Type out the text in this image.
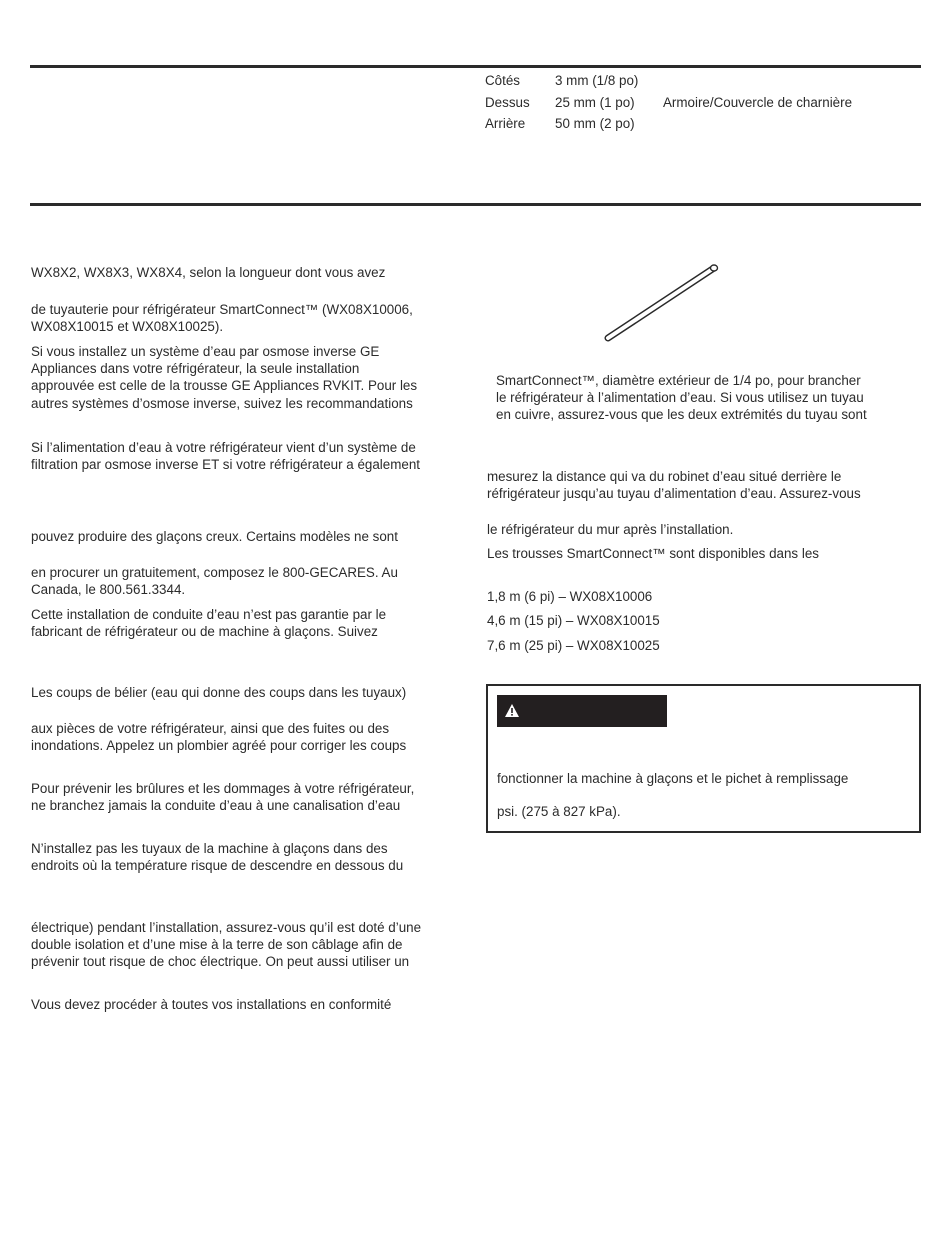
Côtés	3 mm (1/8 po)	
Dessus	25 mm (1 po)	Armoire/Couvercle de charnière
Arrière	50 mm (2 po)	
WX8X2, WX8X3, WX8X4, selon la longueur dont vous avez
de tuyauterie pour réfrigérateur SmartConnect™ (WX08X10006,
WX08X10015 et WX08X10025).
Si vous installez un système d’eau par osmose inverse GE
Appliances dans votre réfrigérateur, la seule installation
approuvée est celle de la trousse GE Appliances RVKIT. Pour les
autres systèmes d’osmose inverse, suivez les recommandations
Si l’alimentation d’eau à votre réfrigérateur vient d’un système de
filtration par osmose inverse ET si votre réfrigérateur a également
pouvez produire des glaçons creux. Certains modèles ne sont
en procurer un gratuitement, composez le 800-GECARES. Au
Canada, le 800.561.3344.
Cette installation de conduite d’eau n’est pas garantie par le
fabricant de réfrigérateur ou de machine à glaçons. Suivez
Les coups de bélier (eau qui donne des coups dans les tuyaux)
aux pièces de votre réfrigérateur, ainsi que des fuites ou des
inondations. Appelez un plombier agréé pour corriger les coups
Pour prévenir les brûlures et les dommages à votre réfrigérateur,
ne branchez jamais la conduite d’eau à une canalisation d’eau
N’installez pas les tuyaux de la machine à glaçons dans des
endroits où la température risque de descendre en dessous du
électrique) pendant l’installation, assurez-vous qu’il est doté d’une
double isolation et d’une mise à la terre de son câblage afin de
prévenir tout risque de choc électrique. On peut aussi utiliser un
Vous devez procéder à toutes vos installations en conformité
SmartConnect™, diamètre extérieur de 1/4 po, pour brancher
le réfrigérateur à l’alimentation d’eau. Si vous utilisez un tuyau
en cuivre, assurez-vous que les deux extrémités du tuyau sont
mesurez la distance qui va du robinet d’eau situé derrière le
réfrigérateur jusqu’au tuyau d’alimentation d’eau. Assurez-vous
le réfrigérateur du mur après l’installation.
Les trousses SmartConnect™ sont disponibles dans les
1,8 m (6 pi) – WX08X10006
4,6 m (15 pi) – WX08X10015
7,6 m (25 pi) – WX08X10025
fonctionner la machine à glaçons et le pichet à remplissage
psi. (275 à 827 kPa).
